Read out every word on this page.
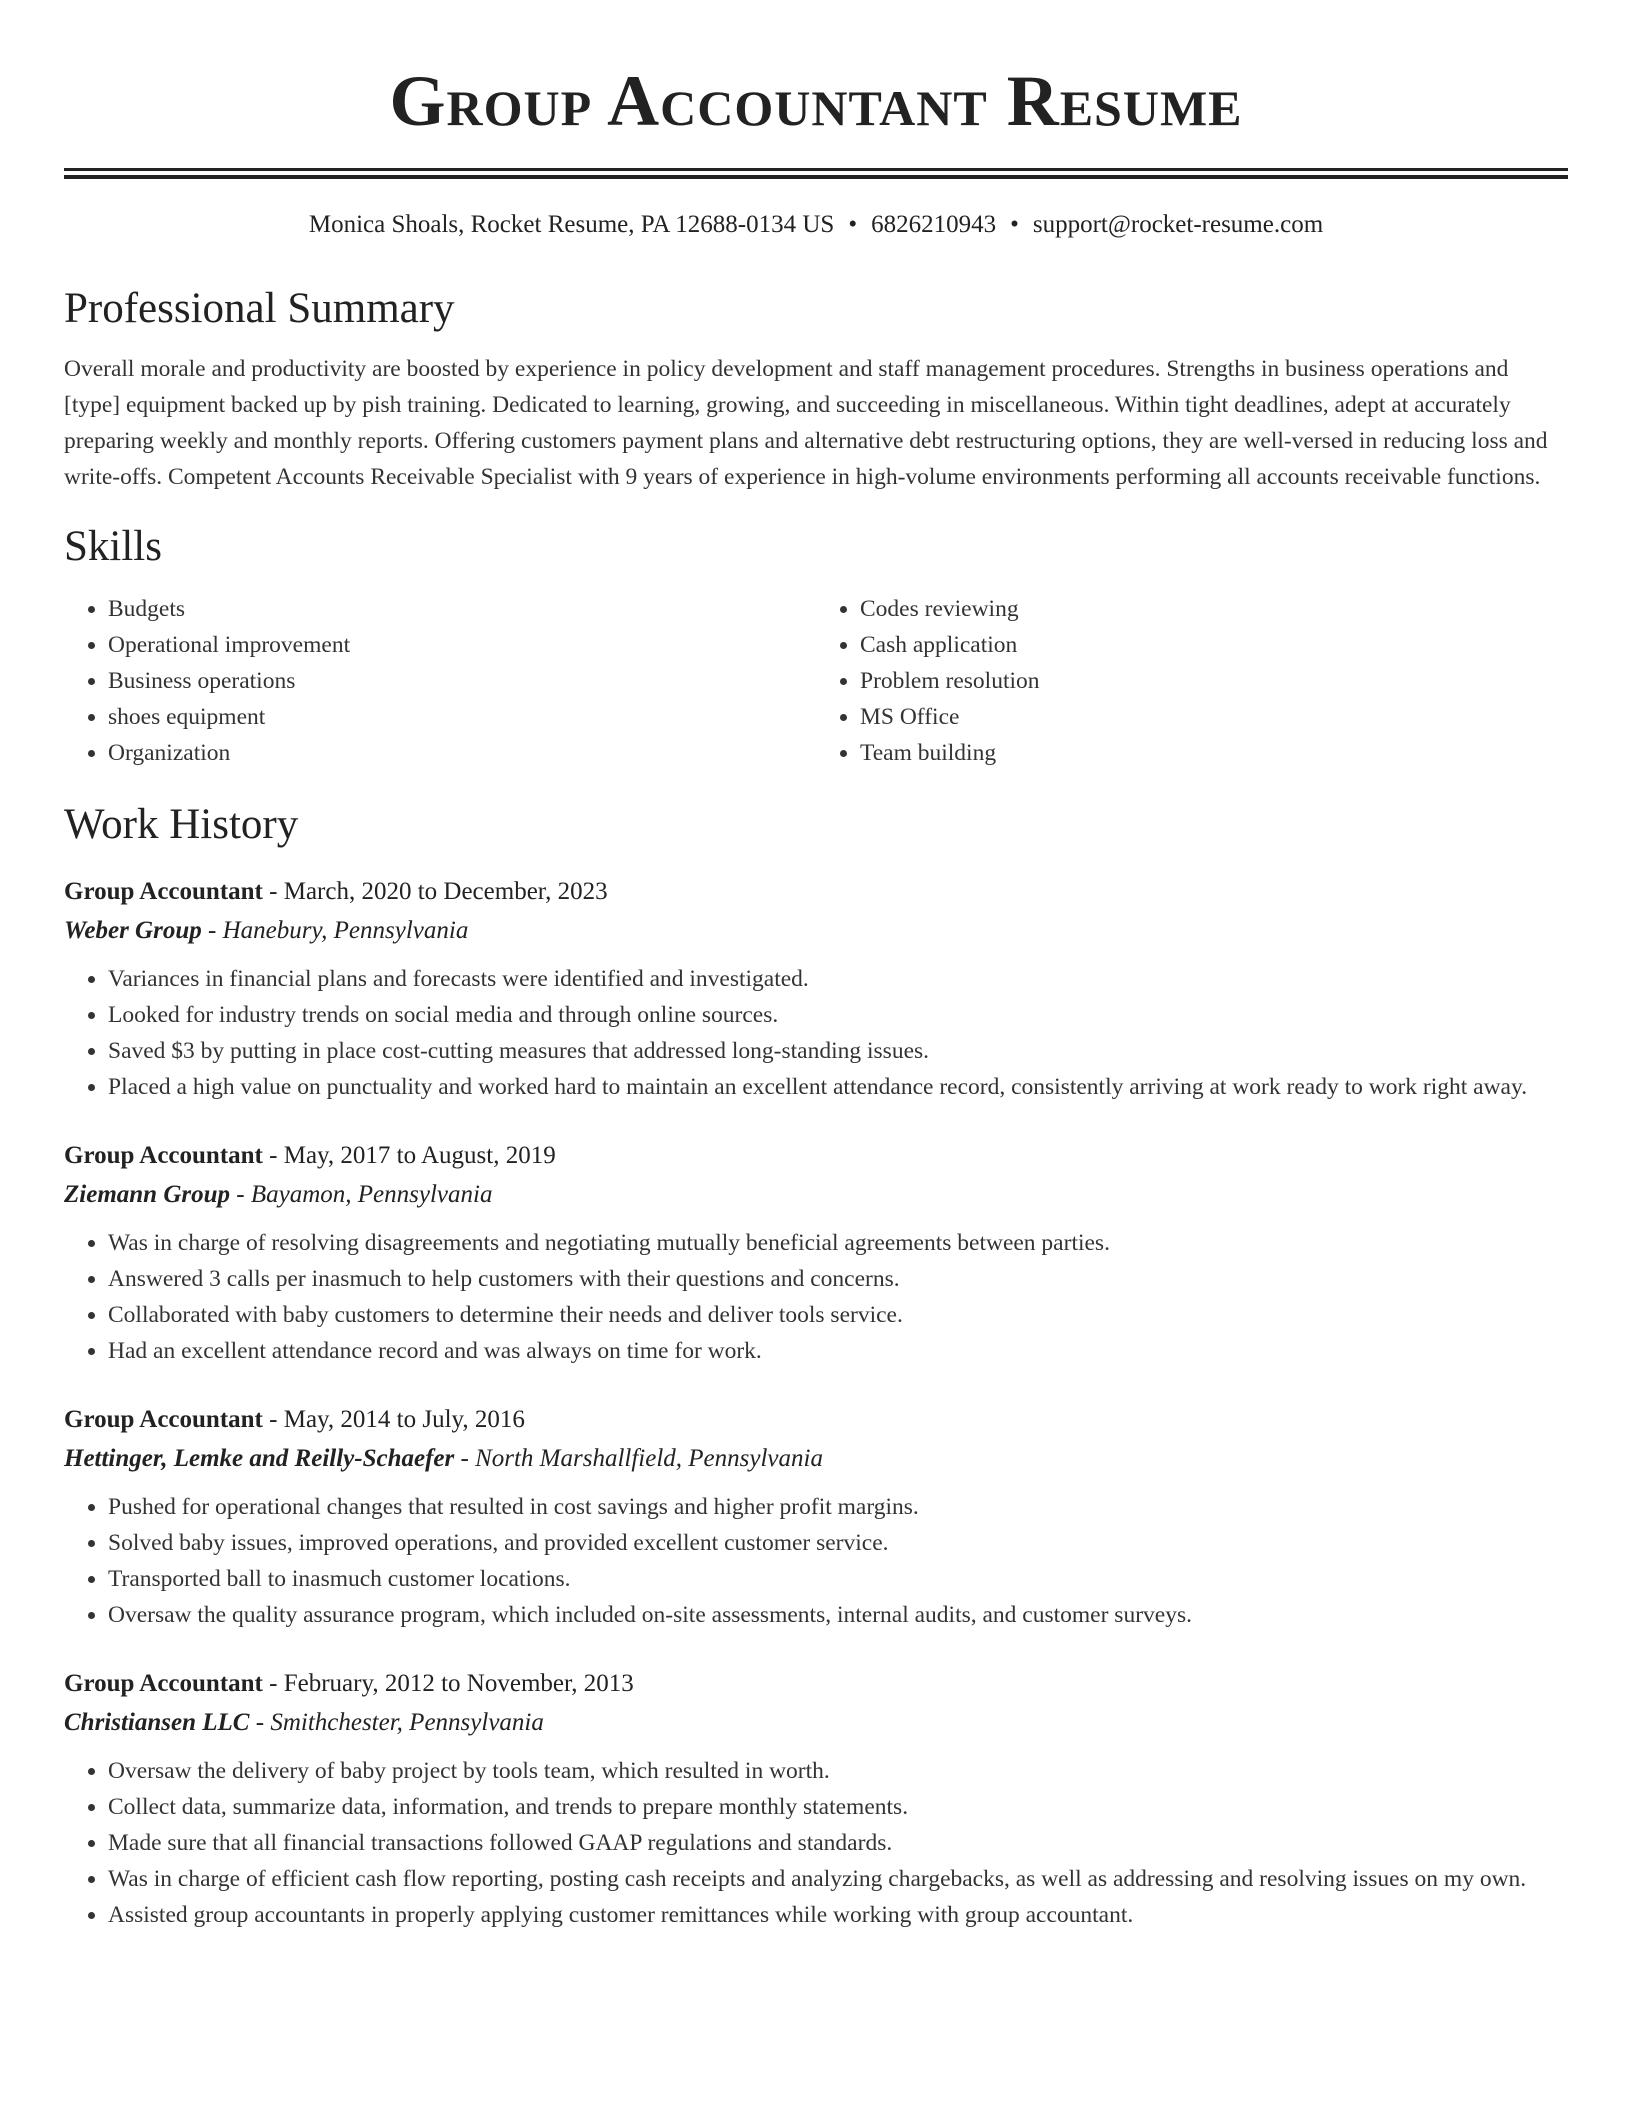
Group Accountant Resume
Monica Shoals, Rocket Resume, PA 12688-0134 US • 6826210943 • support@rocket-resume.com
Professional Summary

Overall morale and productivity are boosted by experience in policy development and staff management procedures. Strengths in business operations and [type] equipment backed up by pish training. Dedicated to learning, growing, and succeeding in miscellaneous. Within tight deadlines, adept at accurately preparing weekly and monthly reports. Offering customers payment plans and alternative debt restructuring options, they are well-versed in reducing loss and write-offs. Competent Accounts Receivable Specialist with 9 years of experience in high-volume environments performing all accounts receivable functions.

Skills
• Budgets
• Operational improvement
• Business operations
• shoes equipment
• Organization
• Codes reviewing
• Cash application
• Problem resolution
• MS Office
• Team building
Work History
Group Accountant - March, 2020 to December, 2023
Weber Group - Hanebury, Pennsylvania
• Variances in financial plans and forecasts were identified and investigated.
• Looked for industry trends on social media and through online sources.
• Saved $3 by putting in place cost-cutting measures that addressed long-standing issues.
• Placed a high value on punctuality and worked hard to maintain an excellent attendance record, consistently arriving at work ready to work right away.
Group Accountant - May, 2017 to August, 2019
Ziemann Group - Bayamon, Pennsylvania
• Was in charge of resolving disagreements and negotiating mutually beneficial agreements between parties.
• Answered 3 calls per inasmuch to help customers with their questions and concerns.
• Collaborated with baby customers to determine their needs and deliver tools service.
• Had an excellent attendance record and was always on time for work.
Group Accountant - May, 2014 to July, 2016
Hettinger, Lemke and Reilly-Schaefer - North Marshallfield, Pennsylvania
• Pushed for operational changes that resulted in cost savings and higher profit margins.
• Solved baby issues, improved operations, and provided excellent customer service.
• Transported ball to inasmuch customer locations.
• Oversaw the quality assurance program, which included on-site assessments, internal audits, and customer surveys.
Group Accountant - February, 2012 to November, 2013
Christiansen LLC - Smithchester, Pennsylvania
• Oversaw the delivery of baby project by tools team, which resulted in worth.
• Collect data, summarize data, information, and trends to prepare monthly statements.
• Made sure that all financial transactions followed GAAP regulations and standards.
• Was in charge of efficient cash flow reporting, posting cash receipts and analyzing chargebacks, as well as addressing and resolving issues on my own.
• Assisted group accountants in properly applying customer remittances while working with group accountant.
